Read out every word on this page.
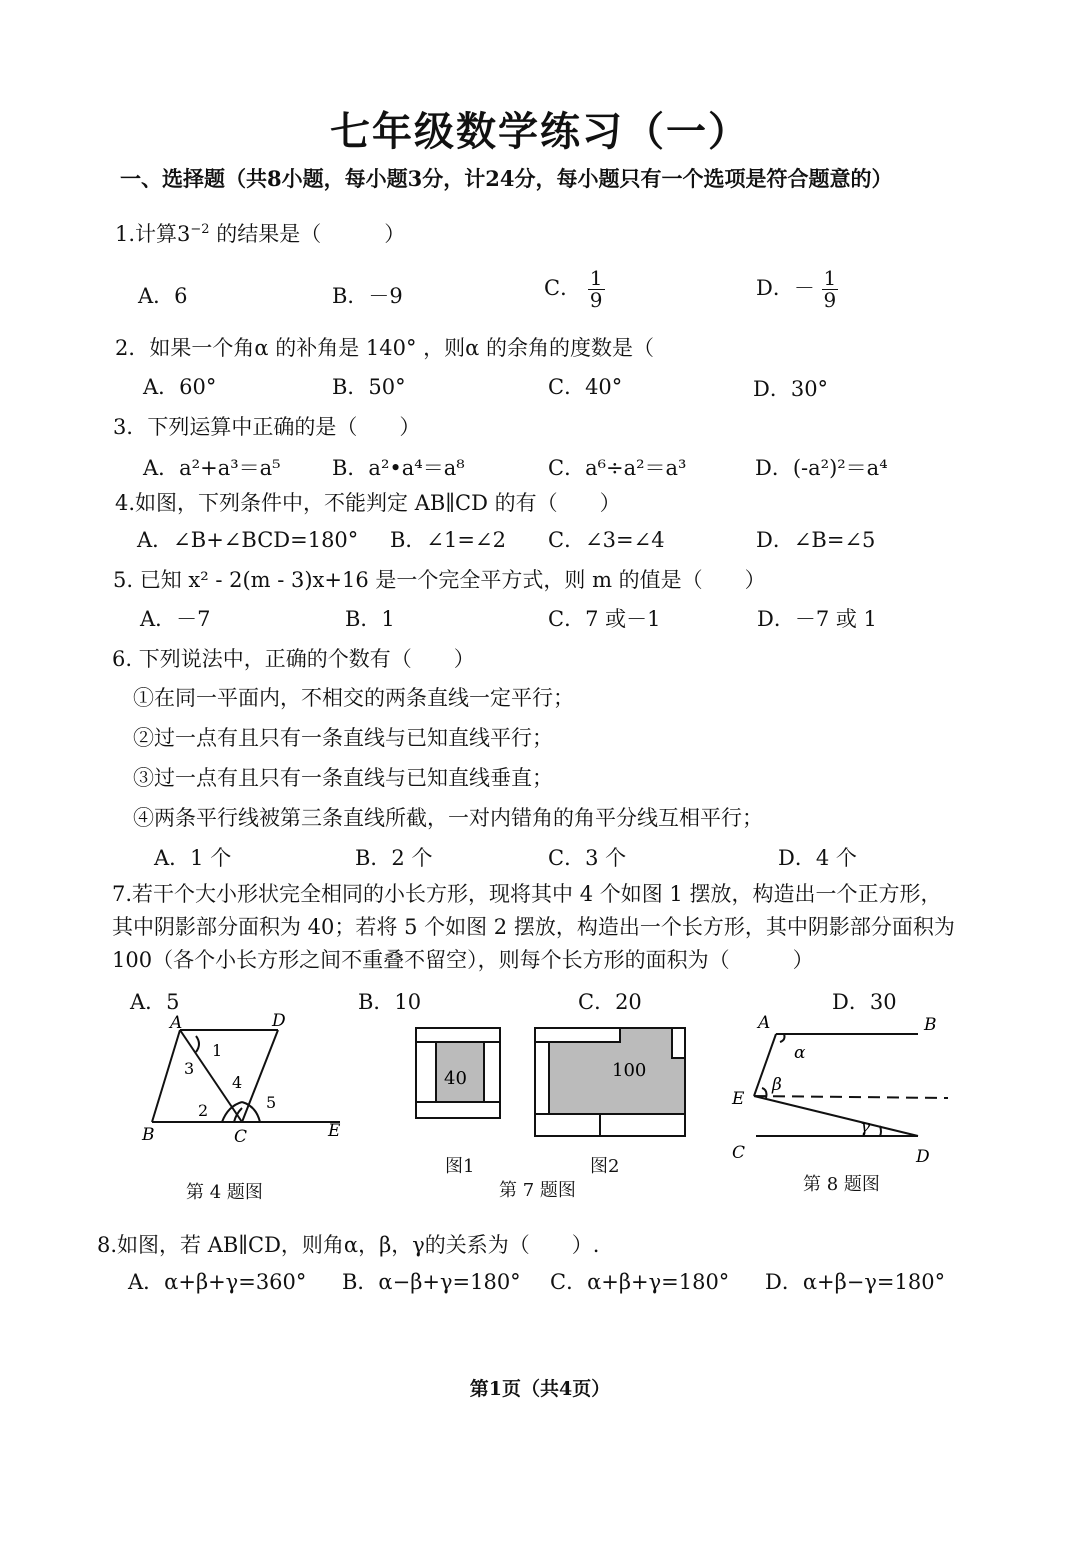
七年级数学练习（一）
一、选择题（共8小题，每小题3分，计24分，每小题只有一个选项是符合题意的）
1.计算$3^{-2}$ 的结果是（　　　）
A．6	B．－9	C． $\frac{1}{9}$	D．－ $\frac{1}{9}$
2．如果一个角α 的补角是 140° ，则α 的余角的度数是（
A．60°	B．50°	C．40°	D．30°
3．下列运算中正确的是（　　）
A．a²+a³＝a⁵ B．a²•a⁴＝a⁸	C．a⁶÷a²＝a³	D．(-a²)²＝a⁴
4.如图，下列条件中，不能判定 AB∥CD 的有（　　）
A．∠B+∠BCD=180° B．∠1=∠2 C．∠3=∠4	D．∠B=∠5
5. 已知 x² - 2(m - 3)x+16 是一个完全平方式，则 m 的值是（　　）
A．－7	B．1	C．7 或－1	D．－7 或 1
6. 下列说法中，正确的个数有（　　）
①在同一平面内，不相交的两条直线一定平行；
②过一点有且只有一条直线与已知直线平行；
③过一点有且只有一条直线与已知直线垂直；
④两条平行线被第三条直线所截，一对内错角的角平分线互相平行；
A．1 个	B．2 个	C．3 个	D．4 个
7.若干个大小形状完全相同的小长方形，现将其中 4 个如图 1 摆放，构造出一个正方形，
其中阴影部分面积为 40；若将 5 个如图 2 摆放，构造出一个长方形，其中阴影部分面积为
100（各个小长方形之间不重叠不留空），则每个长方形的面积为（　　　）
A．5	B．10	C．20	D．30
A	D
B	C	E
1
3
4
2	5
第 4 题图
40	100
图1	图2
第 7 题图
A	B
E
C	D
α
β
γ
第 8 题图
8.如图，若 AB∥CD，则角α，β，γ的关系为（　　）.
A．α+β+γ=360° B．α−β+γ=180° C．α+β+γ=180° D．α+β−γ=180°
第1页（共4页）
